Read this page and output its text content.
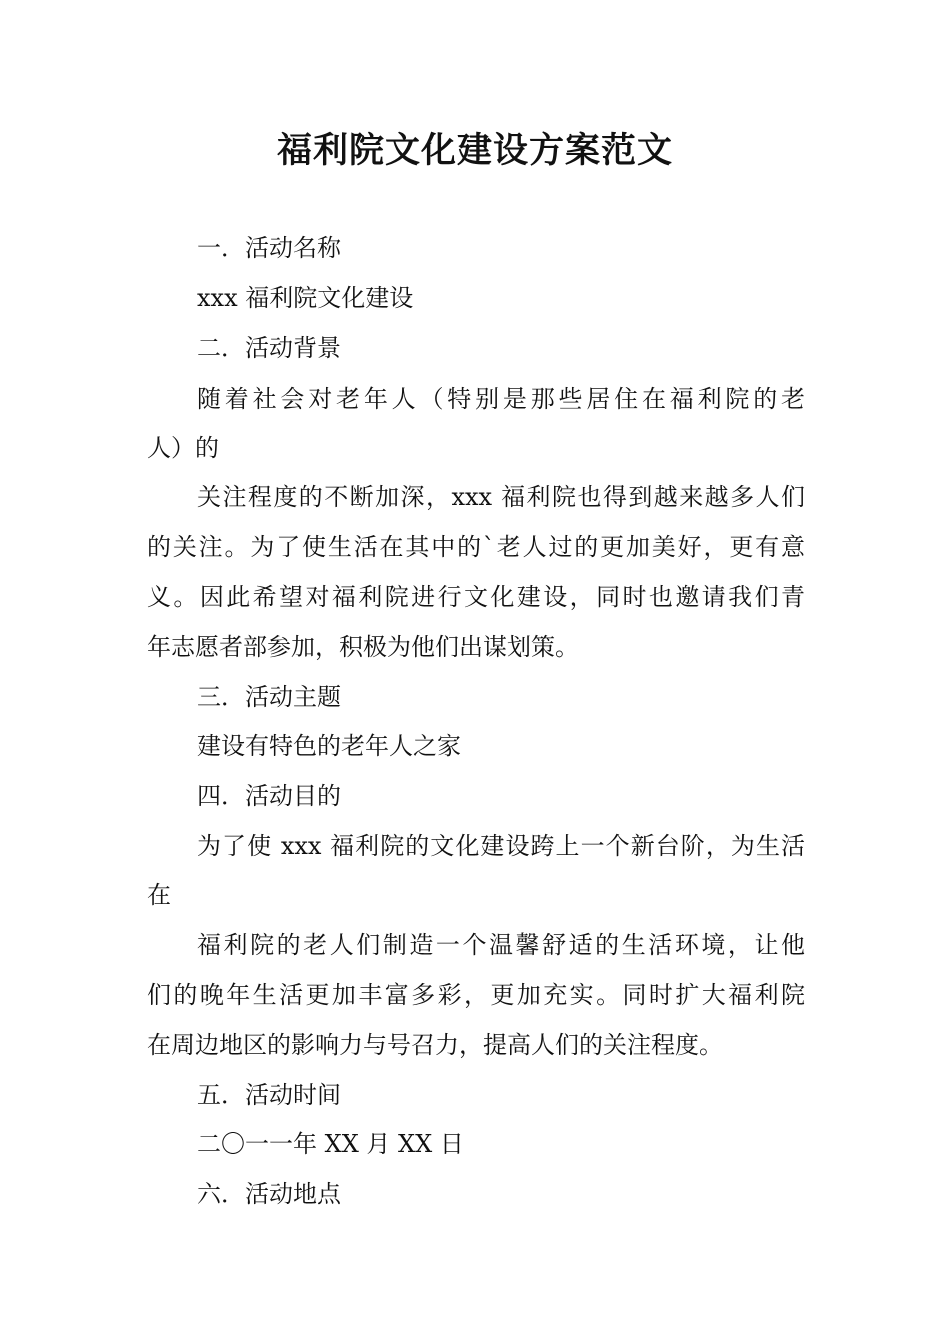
福利院文化建设方案范文

一．活动名称

xxx 福利院文化建设

二．活动背景

随着社会对老年人（特别是那些居住在福利院的老

人）的

关注程度的不断加深，xxx 福利院也得到越来越多人们

的关注。为了使生活在其中的`老人过的更加美好，更有意

义。因此希望对福利院进行文化建设，同时也邀请我们青

年志愿者部参加，积极为他们出谋划策。

三．活动主题

建设有特色的老年人之家

四．活动目的

为了使 xxx 福利院的文化建设跨上一个新台阶，为生活

在

福利院的老人们制造一个温馨舒适的生活环境，让他

们的晚年生活更加丰富多彩，更加充实。同时扩大福利院

在周边地区的影响力与号召力，提高人们的关注程度。

五．活动时间

二〇一一年 XX 月 XX 日

六．活动地点
